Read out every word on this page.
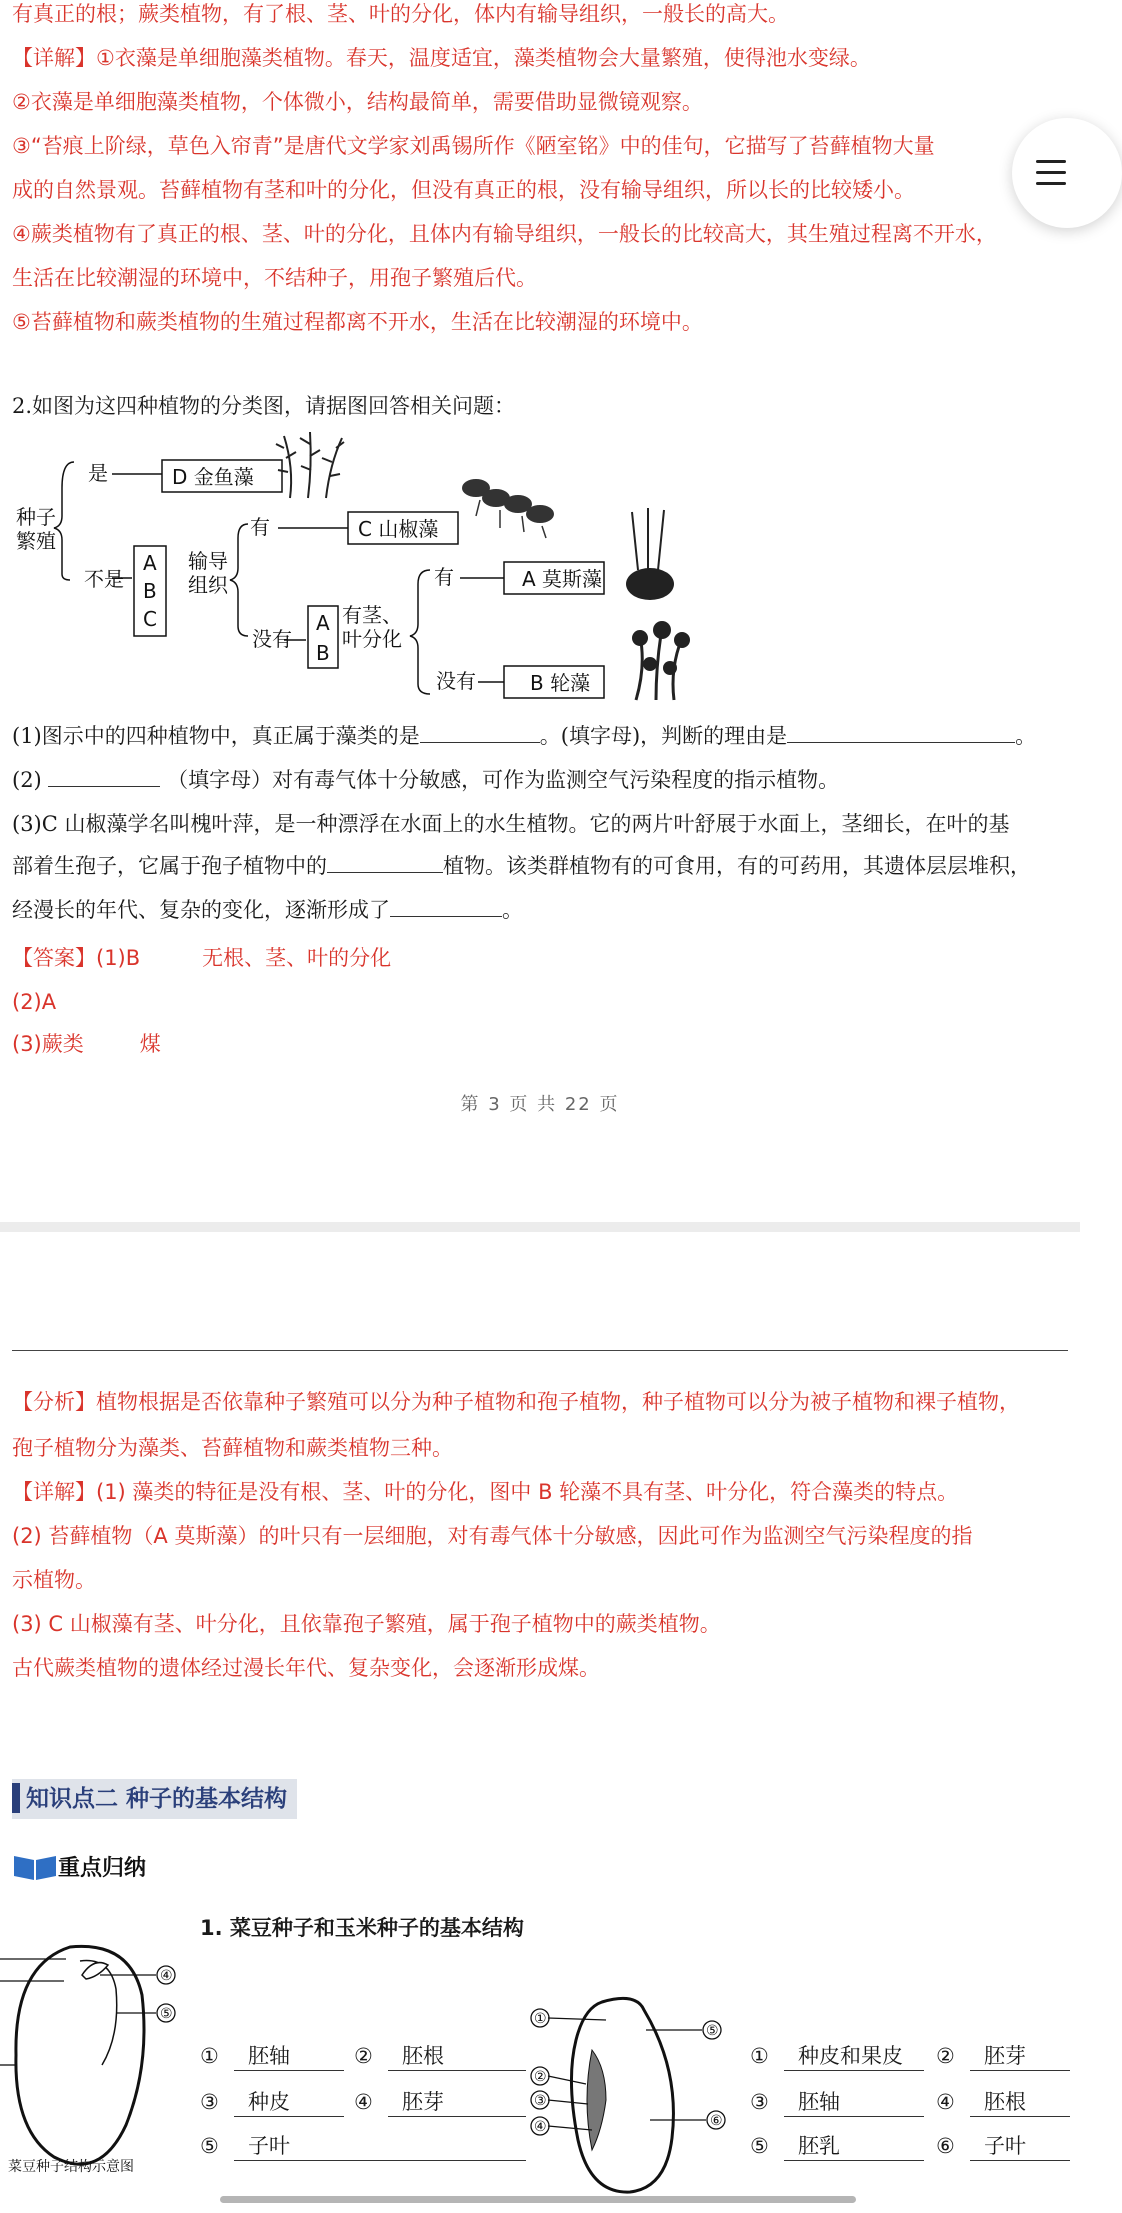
有真正的根；蕨类植物，有了根、茎、叶的分化，体内有输导组织，一般长的高大。
【详解】①衣藻是单细胞藻类植物。春天，温度适宜，藻类植物会大量繁殖，使得池水变绿。
②衣藻是单细胞藻类植物，个体微小，结构最简单，需要借助显微镜观察。
③“苔痕上阶绿，草色入帘青”是唐代文学家刘禹锡所作《陋室铭》中的佳句，它描写了苔藓植物大量
成的自然景观。苔藓植物有茎和叶的分化，但没有真正的根，没有输导组织，所以长的比较矮小。
④蕨类植物有了真正的根、茎、叶的分化，且体内有输导组织，一般长的比较高大，其生殖过程离不开水，
生活在比较潮湿的环境中，不结种子，用孢子繁殖后代。
⑤苔藓植物和蕨类植物的生殖过程都离不开水，生活在比较潮湿的环境中。
2.如图为这四种植物的分类图，请据图回答相关问题：
种子
繁殖
是	D 金鱼藻
不是
A
B
C
输导
组织
有	C 山椒藻
没有
A
B
有茎、
叶分化
有	A 莫斯藻
没有	B 轮藻
(1)图示中的四种植物中，真正属于藻类的是	。(填字母)，判断的理由是	。
(2)	（填字母）对有毒气体十分敏感，可作为监测空气污染程度的指示植物。
(3)C 山椒藻学名叫槐叶萍，是一种漂浮在水面上的水生植物。它的两片叶舒展于水面上，茎细长，在叶的基
部着生孢子，它属于孢子植物中的	植物。该类群植物有的可食用，有的可药用，其遗体层层堆积，
经漫长的年代、复杂的变化，逐渐形成了	。
【答案】(1)B	无根、茎、叶的分化
(2)A
(3)蕨类	煤
第 3 页 共 22 页
【分析】植物根据是否依靠种子繁殖可以分为种子植物和孢子植物，种子植物可以分为被子植物和裸子植物，
孢子植物分为藻类、苔藓植物和蕨类植物三种。
【详解】(1) 藻类的特征是没有根、茎、叶的分化，图中 B 轮藻不具有茎、叶分化，符合藻类的特点。
(2) 苔藓植物（A 莫斯藻）的叶只有一层细胞，对有毒气体十分敏感，因此可作为监测空气污染程度的指
示植物。
(3) C 山椒藻有茎、叶分化，且依靠孢子繁殖，属于孢子植物中的蕨类植物。
古代蕨类植物的遗体经过漫长年代、复杂变化，会逐渐形成煤。
知识点二 种子的基本结构
重点归纳
1. 菜豆种子和玉米种子的基本结构
④
⑤
菜豆种子结构示意图
① 胚轴	② 胚根
③ 种皮	④ 胚芽
⑤ 子叶
①
⑤
②
③
⑥
④
① 种皮和果皮 ② 胚芽
③ 胚轴	④ 胚根
⑤ 胚乳	⑥ 子叶
